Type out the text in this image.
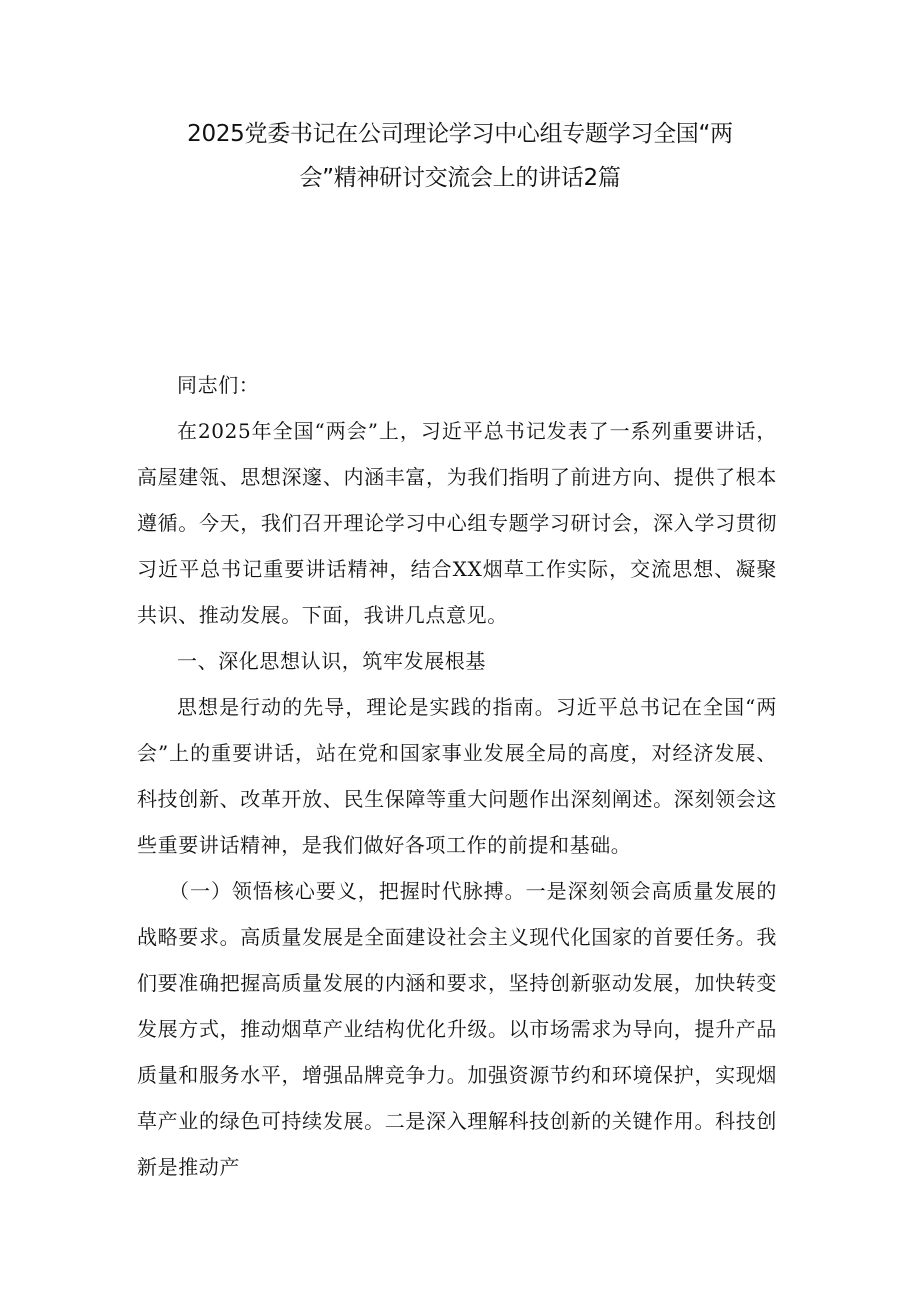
2025党委书记在公司理论学习中心组专题学习全国“两
会”精神研讨交流会上的讲话2篇

同志们：

在2025年全国“两会”上，习近平总书记发表了一系列重要讲话，高屋建瓴、思想深邃、内涵丰富，为我们指明了前进方向、提供了根本遵循。今天，我们召开理论学习中心组专题学习研讨会，深入学习贯彻习近平总书记重要讲话精神，结合XX烟草工作实际，交流思想、凝聚共识、推动发展。下面，我讲几点意见。

一、深化思想认识，筑牢发展根基

思想是行动的先导，理论是实践的指南。习近平总书记在全国“两会”上的重要讲话，站在党和国家事业发展全局的高度，对经济发展、科技创新、改革开放、民生保障等重大问题作出深刻阐述。深刻领会这些重要讲话精神，是我们做好各项工作的前提和基础。

（一）领悟核心要义，把握时代脉搏。一是深刻领会高质量发展的战略要求。高质量发展是全面建设社会主义现代化国家的首要任务。我们要准确把握高质量发展的内涵和要求，坚持创新驱动发展，加快转变发展方式，推动烟草产业结构优化升级。以市场需求为导向，提升产品质量和服务水平，增强品牌竞争力。加强资源节约和环境保护，实现烟草产业的绿色可持续发展。二是深入理解科技创新的关键作用。科技创新是推动产
